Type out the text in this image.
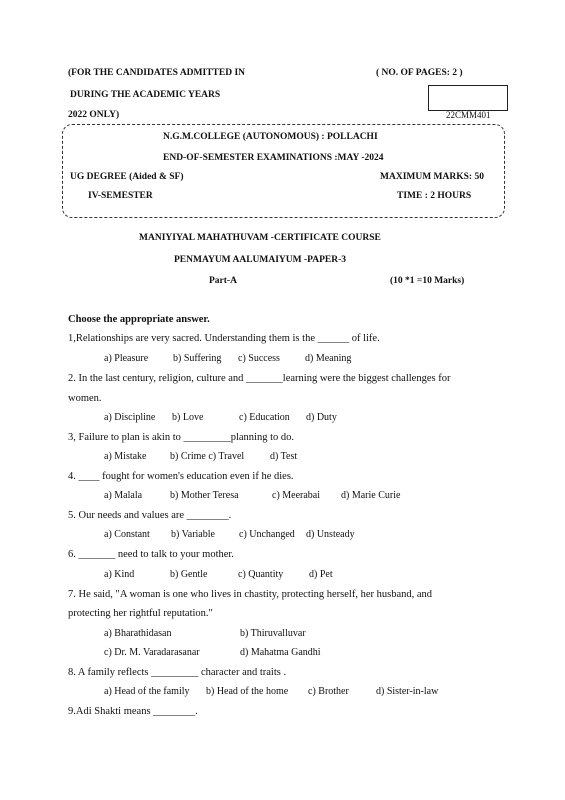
(FOR THE CANDIDATES ADMITTED IN	( NO. OF PAGES: 2 )
DURING THE ACADEMIC YEARS
2022 ONLY)	22CMM401
N.G.M.COLLEGE (AUTONOMOUS) : POLLACHI
END-OF-SEMESTER EXAMINATIONS :MAY -2024
UG DEGREE (Aided & SF)	MAXIMUM MARKS: 50
IV-SEMESTER	TIME : 2 HOURS
MANIYIYAL MAHATHUVAM -CERTIFICATE COURSE
PENMAYUM AALUMAIYUM -PAPER-3
Part-A	(10 *1 =10 Marks)
Choose the appropriate answer.
1,Relationships are very sacred. Understanding them is the ______ of life.
a) Pleasure b) Suffering c) Success	d) Meaning
2. In the last century, religion, culture and _______learning were the biggest challenges for
women.
a) Discipline b) Love	c) Education d) Duty
3, Failure to plan is akin to _________planning to do.
a) Mistake b) Crime c) Travel	d) Test
4. ____ fought for women's education even if he dies.
a) Malala	b) Mother Teresa	c) Meerabai d) Marie Curie
5. Our needs and values are ________.
a) Constant b) Variable c) Unchanged d) Unsteady
6. _______ need to talk to your mother.
a) Kind	b) Gentle	c) Quantity	d) Pet
7. He said, "A woman is one who lives in chastity, protecting herself, her husband, and
protecting her rightful reputation."
a) Bharathidasan	b) Thiruvalluvar
c) Dr. M. Varadarasanar	d) Mahatma Gandhi
8. A family reflects _________ character and traits .
a) Head of the family b) Head of the home c) Brother	d) Sister-in-law
9.Adi Shakti means ________.
